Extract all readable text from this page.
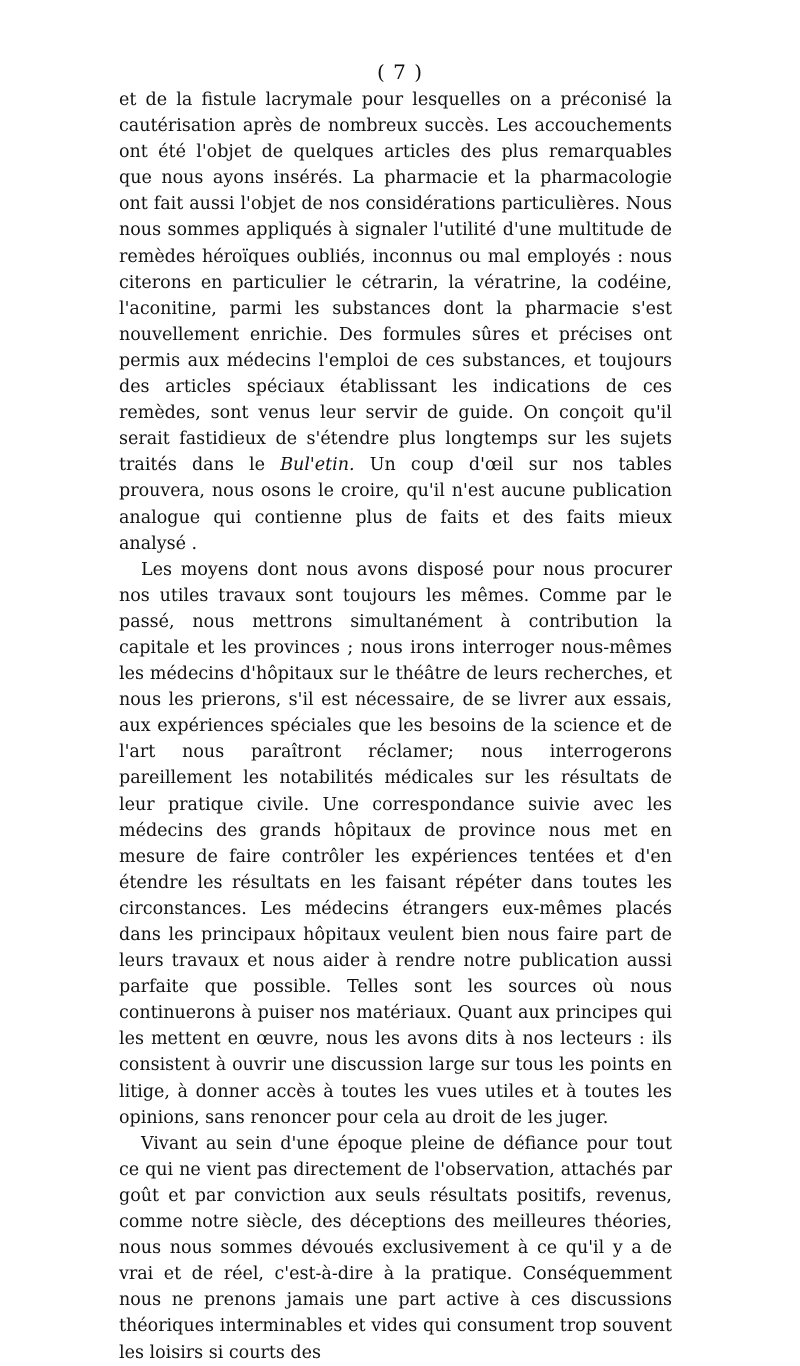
( 7 )

et de la fistule lacrymale pour lesquelles on a préconisé la cautérisation après de nombreux succès. Les accouchements ont été l'objet de quelques articles des plus remarquables que nous ayons insérés. La pharmacie et la pharmacologie ont fait aussi l'objet de nos considérations particulières. Nous nous sommes appliqués à signaler l'utilité d'une multitude de remèdes héroïques oubliés, inconnus ou mal employés : nous citerons en particulier le cétrarin, la vératrine, la codéine, l'aconitine, parmi les substances dont la pharmacie s'est nouvellement enrichie. Des formules sûres et précises ont permis aux médecins l'emploi de ces substances, et toujours des articles spéciaux établissant les indications de ces remèdes, sont venus leur servir de guide. On conçoit qu'il serait fastidieux de s'étendre plus longtemps sur les sujets traités dans le Bul'etin. Un coup d'œil sur nos tables prouvera, nous osons le croire, qu'il n'est aucune publication analogue qui contienne plus de faits et des faits mieux analysé .

Les moyens dont nous avons disposé pour nous procurer nos utiles travaux sont toujours les mêmes. Comme par le passé, nous mettrons simultanément à contribution la capitale et les provinces ; nous irons interroger nous-mêmes les médecins d'hôpitaux sur le théâtre de leurs recherches, et nous les prierons, s'il est nécessaire, de se livrer aux essais, aux expériences spéciales que les besoins de la science et de l'art nous paraîtront réclamer; nous interrogerons pareillement les notabilités médicales sur les résultats de leur pratique civile. Une correspondance suivie avec les médecins des grands hôpitaux de province nous met en mesure de faire contrôler les expériences tentées et d'en étendre les résultats en les faisant répéter dans toutes les circonstances. Les médecins étrangers eux-mêmes placés dans les principaux hôpitaux veulent bien nous faire part de leurs travaux et nous aider à rendre notre publication aussi parfaite que possible. Telles sont les sources où nous continuerons à puiser nos matériaux. Quant aux principes qui les mettent en œuvre, nous les avons dits à nos lecteurs : ils consistent à ouvrir une discussion large sur tous les points en litige, à donner accès à toutes les vues utiles et à toutes les opinions, sans renoncer pour cela au droit de les juger.

Vivant au sein d'une époque pleine de défiance pour tout ce qui ne vient pas directement de l'observation, attachés par goût et par conviction aux seuls résultats positifs, revenus, comme notre siècle, des déceptions des meilleures théories, nous nous sommes dévoués exclusivement à ce qu'il y a de vrai et de réel, c'est-à-dire à la pratique. Conséquemment nous ne prenons jamais une part active à ces discussions théoriques interminables et vides qui consument trop souvent les loisirs si courts des
